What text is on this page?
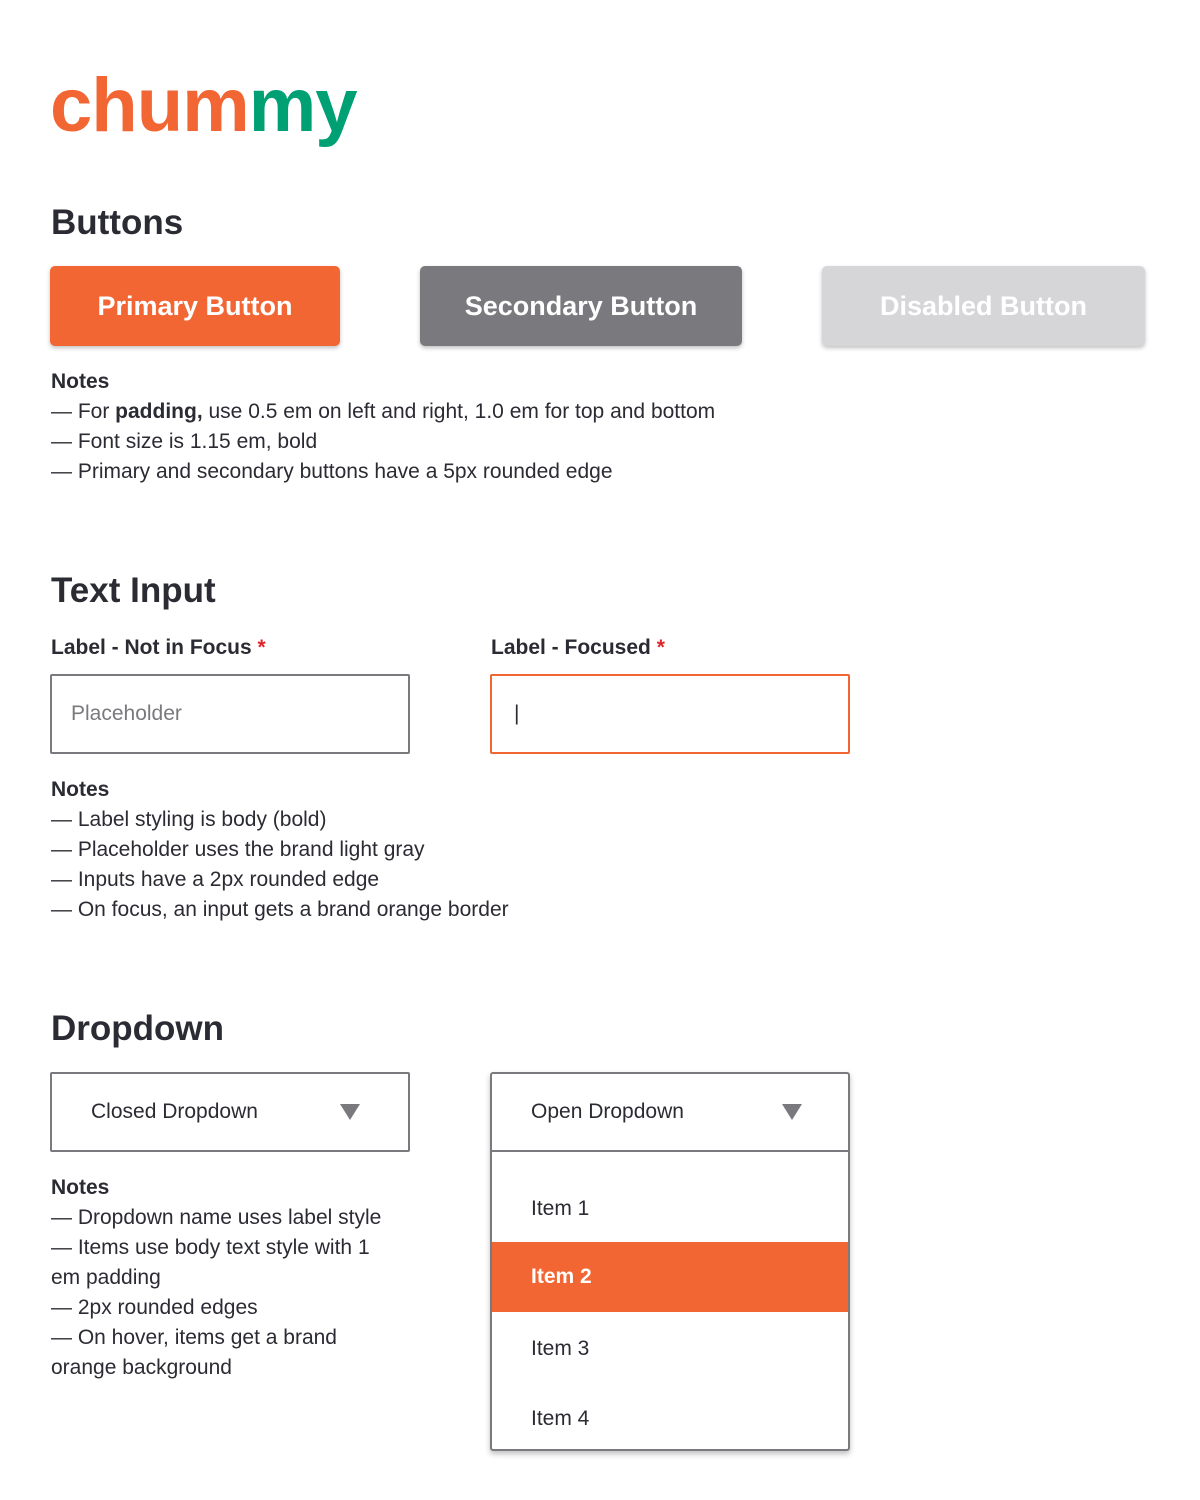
chummy
Buttons
Primary Button	Secondary Button	Disabled Button
Notes
— For padding, use 0.5 em on left and right, 1.0 em for top and bottom
— Font size is 1.15 em, bold
— Primary and secondary buttons have a 5px rounded edge
Text Input
Label - Not in Focus *	Label - Focused *
Placeholder	|
Notes
— Label styling is body (bold)
— Placeholder uses the brand light gray
— Inputs have a 2px rounded edge
— On focus, an input gets a brand orange border
Dropdown
Closed Dropdown
Notes
— Dropdown name uses label style
— Items use body text style with 1
em padding
— 2px rounded edges
— On hover, items get a brand
orange background
Open Dropdown
Item 1
Item 2
Item 3
Item 4
